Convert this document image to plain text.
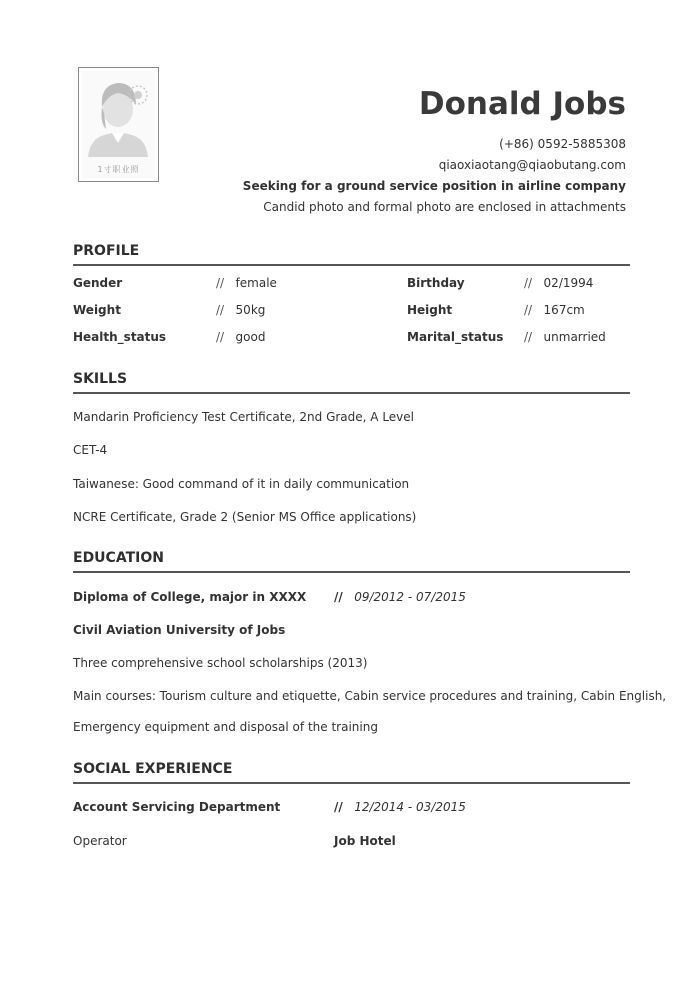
1寸职业照
Donald Jobs
(+86) 0592-5885308
qiaoxiaotang@qiaobutang.com
Seeking for a ground service position in airline company
Candid photo and formal photo are enclosed in attachments
PROFILE
Gender	// female	Birthday	// 02/1994
Weight	// 50kg	Height	// 167cm
Health_status	// good	Marital_status // unmarried
SKILLS
Mandarin Proficiency Test Certificate, 2nd Grade, A Level
CET-4
Taiwanese: Good command of it in daily communication
NCRE Certificate, Grade 2 (Senior MS Office applications)
EDUCATION
Diploma of College, major in XXXX // 09/2012 - 07/2015
Civil Aviation University of Jobs
Three comprehensive school scholarships (2013)
Main courses: Tourism culture and etiquette, Cabin service procedures and training, Cabin English,
Emergency equipment and disposal of the training
SOCIAL EXPERIENCE
Account Servicing Department	// 12/2014 - 03/2015
Operator	Job Hotel
